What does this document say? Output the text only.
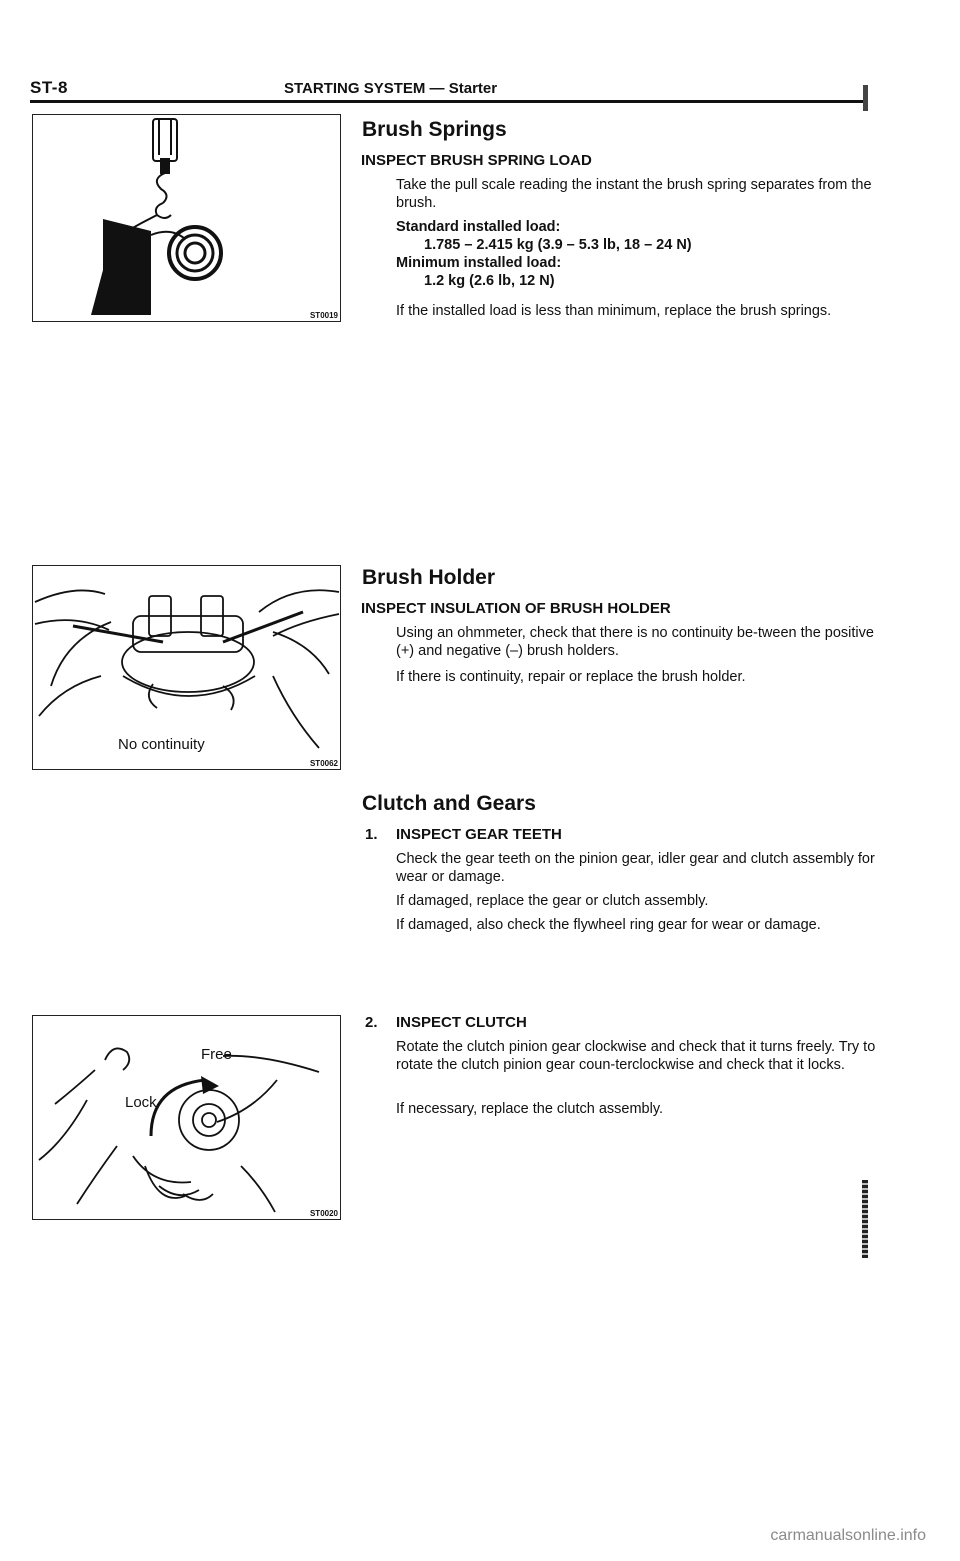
ST-8	STARTING SYSTEM — Starter
ST0019
No continuity
ST0062
Free
Lock
ST0020
Brush Springs
INSPECT BRUSH SPRING LOAD
Take the pull scale reading the instant the brush spring separates from the brush.
Standard installed load:
1.785 – 2.415 kg (3.9 – 5.3 lb, 18 – 24 N)
Minimum installed load:
1.2 kg (2.6 lb, 12 N)
If the installed load is less than minimum, replace the brush springs.
Brush Holder
INSPECT INSULATION OF BRUSH HOLDER
Using an ohmmeter, check that there is no continuity be-tween the positive (+) and negative (–) brush holders.
If there is continuity, repair or replace the brush holder.
Clutch and Gears
1. INSPECT GEAR TEETH
Check the gear teeth on the pinion gear, idler gear and clutch assembly for wear or damage.
If damaged, replace the gear or clutch assembly.
If damaged, also check the flywheel ring gear for wear or damage.
2. INSPECT CLUTCH
Rotate the clutch pinion gear clockwise and check that it turns freely. Try to rotate the clutch pinion gear coun-terclockwise and check that it locks.
If necessary, replace the clutch assembly.
carmanualsonline.info
